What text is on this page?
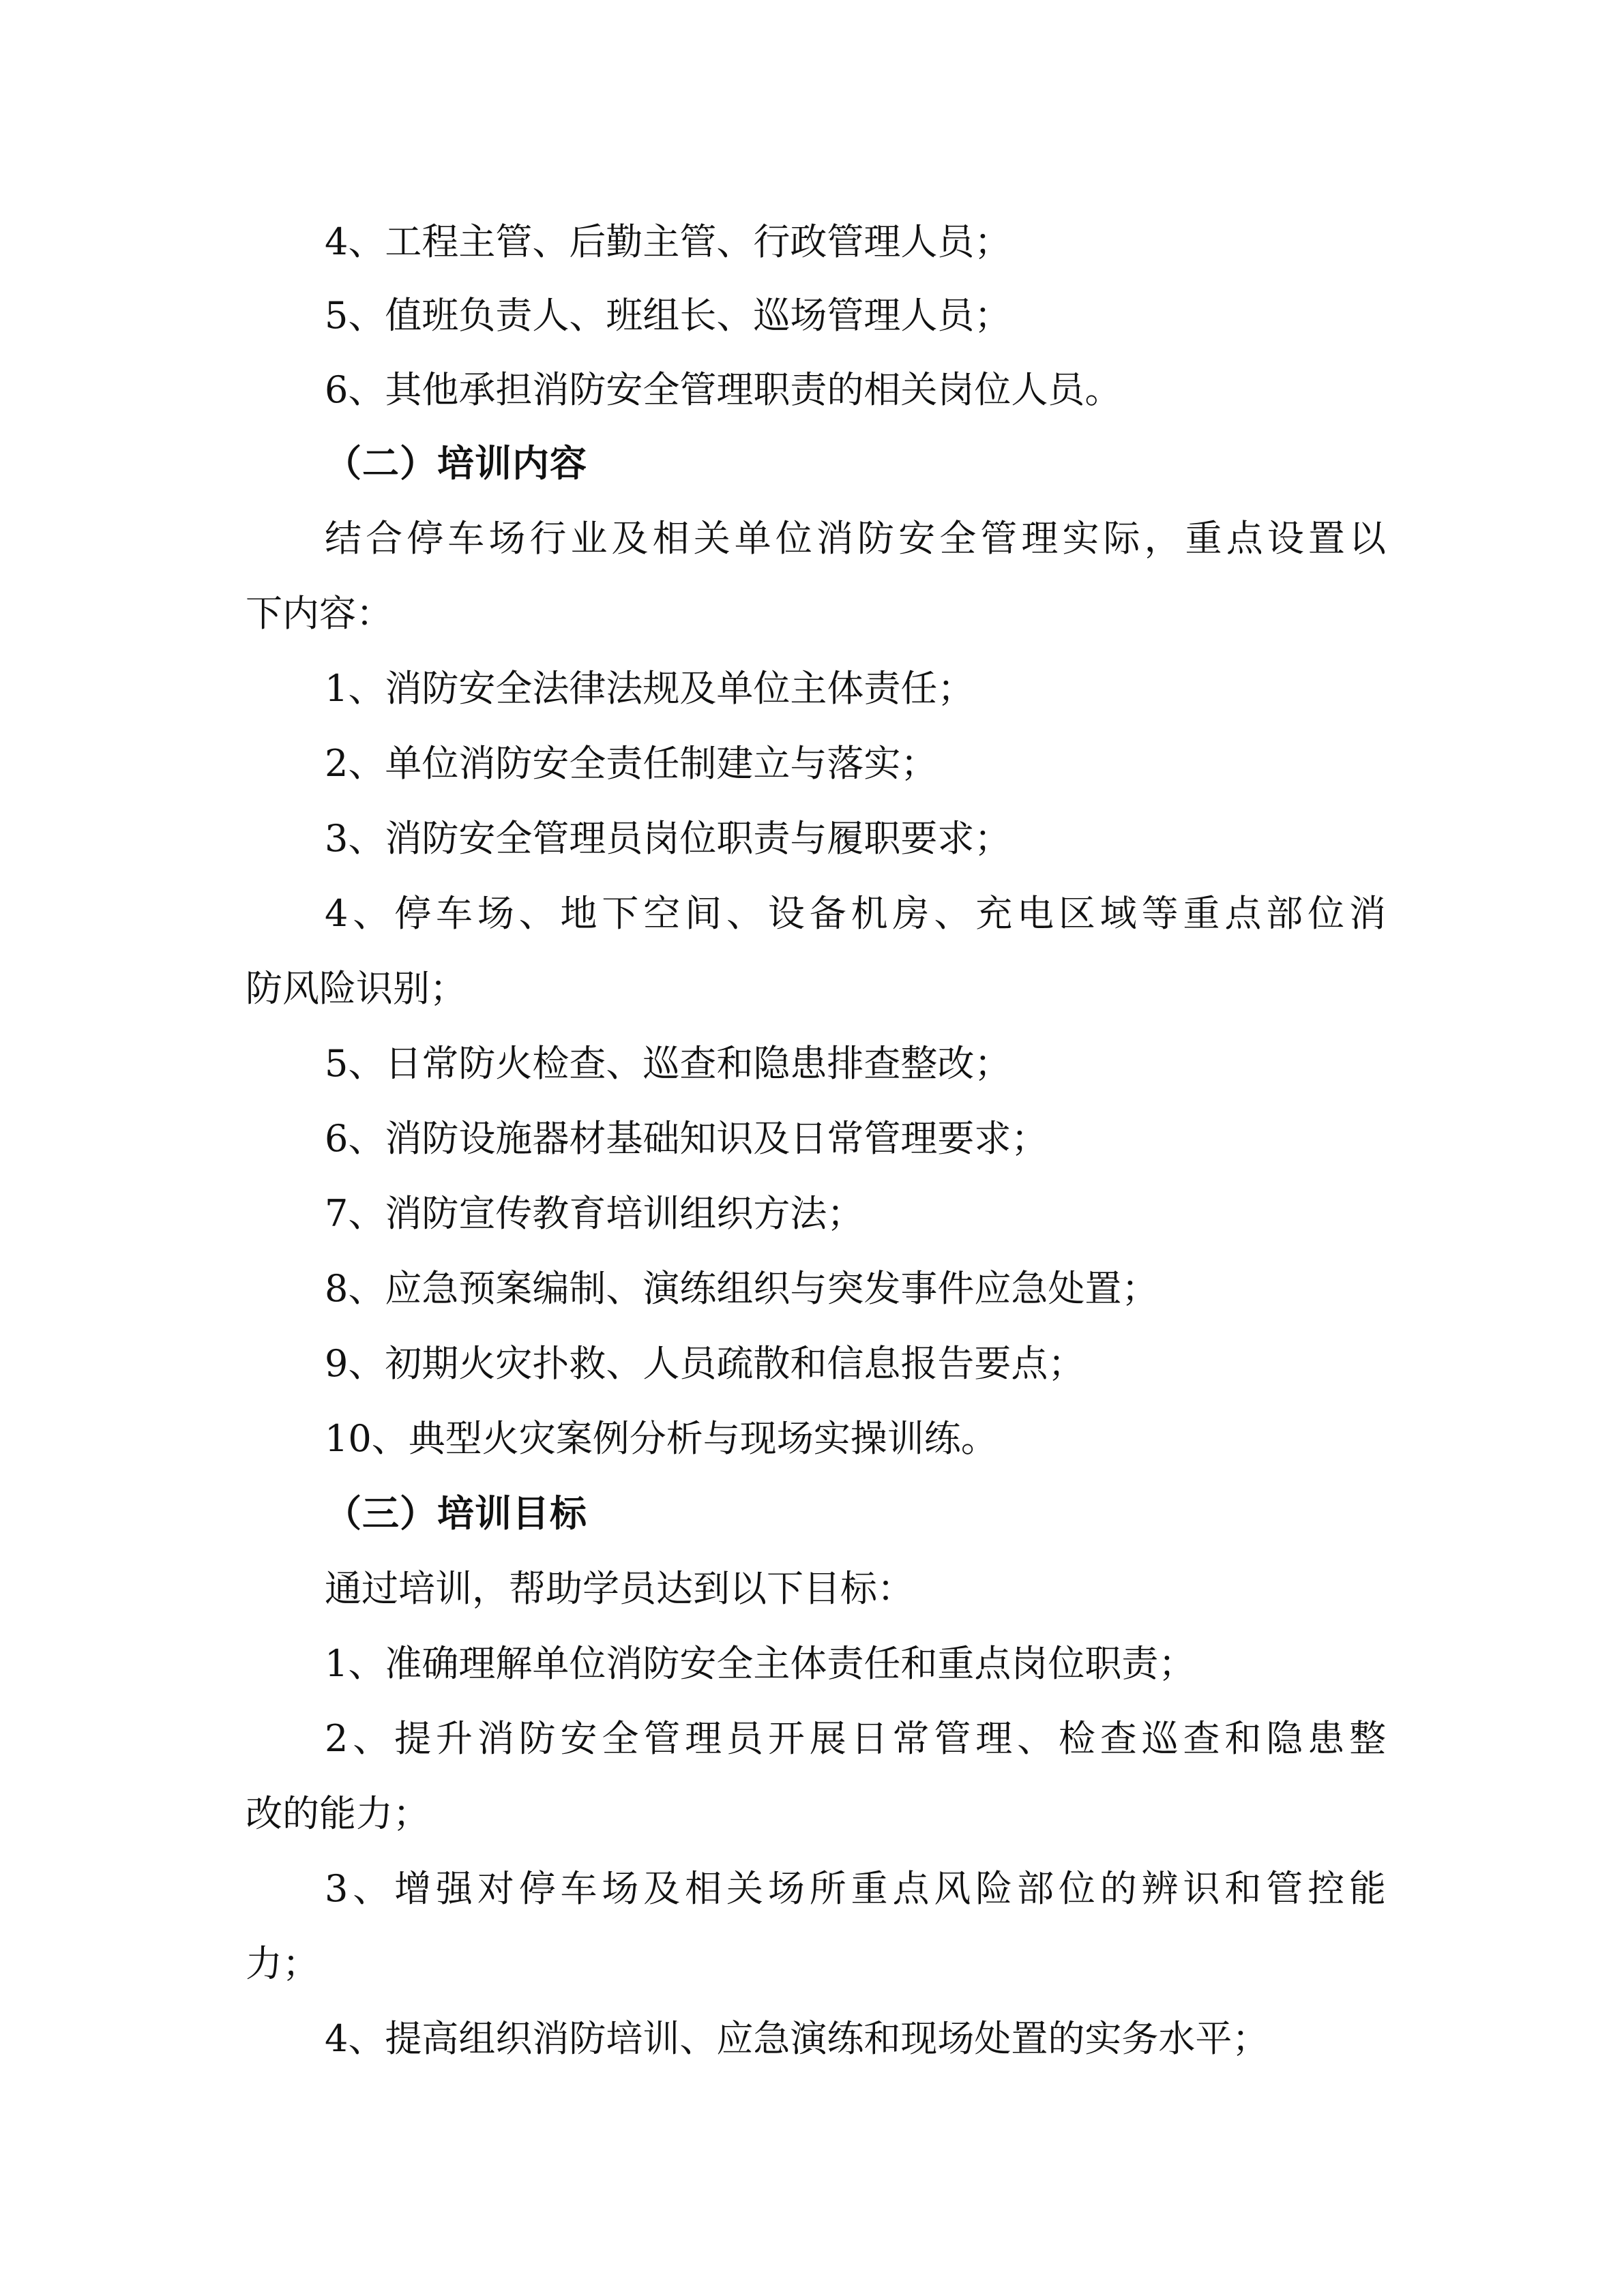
4、工程主管、后勤主管、行政管理人员；
5、值班负责人、班组长、巡场管理人员；
6、其他承担消防安全管理职责的相关岗位人员。
（二）培训内容
结合停车场行业及相关单位消防安全管理实际，重点设置以
下内容：
1、消防安全法律法规及单位主体责任；
2、单位消防安全责任制建立与落实；
3、消防安全管理员岗位职责与履职要求；
4、停车场、地下空间、设备机房、充电区域等重点部位消
防风险识别；
5、日常防火检查、巡查和隐患排查整改；
6、消防设施器材基础知识及日常管理要求；
7、消防宣传教育培训组织方法；
8、应急预案编制、演练组织与突发事件应急处置；
9、初期火灾扑救、人员疏散和信息报告要点；
10、典型火灾案例分析与现场实操训练。
（三）培训目标
通过培训，帮助学员达到以下目标：
1、准确理解单位消防安全主体责任和重点岗位职责；
2、提升消防安全管理员开展日常管理、检查巡查和隐患整
改的能力；
3、增强对停车场及相关场所重点风险部位的辨识和管控能
力；
4、提高组织消防培训、应急演练和现场处置的实务水平；
